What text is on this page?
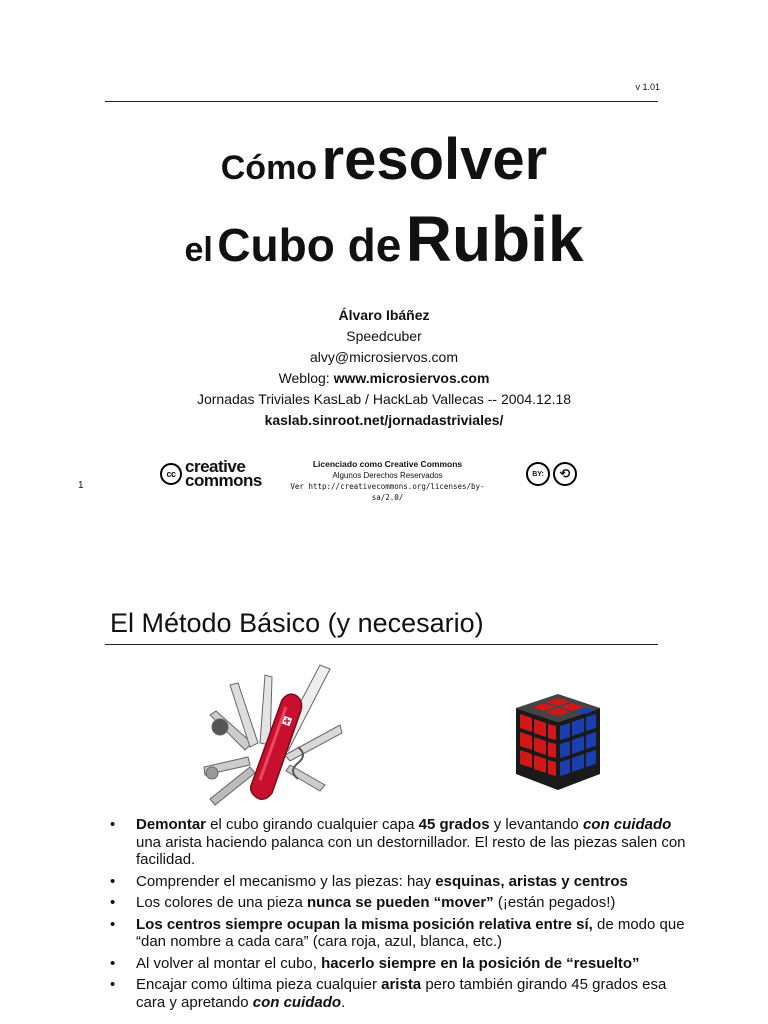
v 1.01
Cómo resolver
el Cubo de Rubik
Álvaro Ibáñez
Speedcuber
alvy@microsiervos.com
Weblog: www.microsiervos.com
Jornadas Triviales KasLab / HackLab Vallecas -- 2004.12.18
kaslab.sinroot.net/jornadastriviales/
1
cc creative
commons
Licenciado como Creative Commons
Algunos Derechos Reservados
Ver http://creativecommons.org/licenses/by-sa/2.0/
BY:	⟲
El Método Básico (y necesario)
• Demontar el cubo girando cualquier capa 45 grados y levantando con cuidado una arista haciendo palanca con un destornillador. El resto de las piezas salen con facilidad.
• Comprender el mecanismo y las piezas: hay esquinas, aristas y centros
• Los colores de una pieza nunca se pueden “mover” (¡están pegados!)
• Los centros siempre ocupan la misma posición relativa entre sí, de modo que “dan nombre a cada cara” (cara roja, azul, blanca, etc.)
• Al volver al montar el cubo, hacerlo siempre en la posición de “resuelto”
• Encajar como última pieza cualquier arista pero también girando 45 grados esa cara y apretando con cuidado.
